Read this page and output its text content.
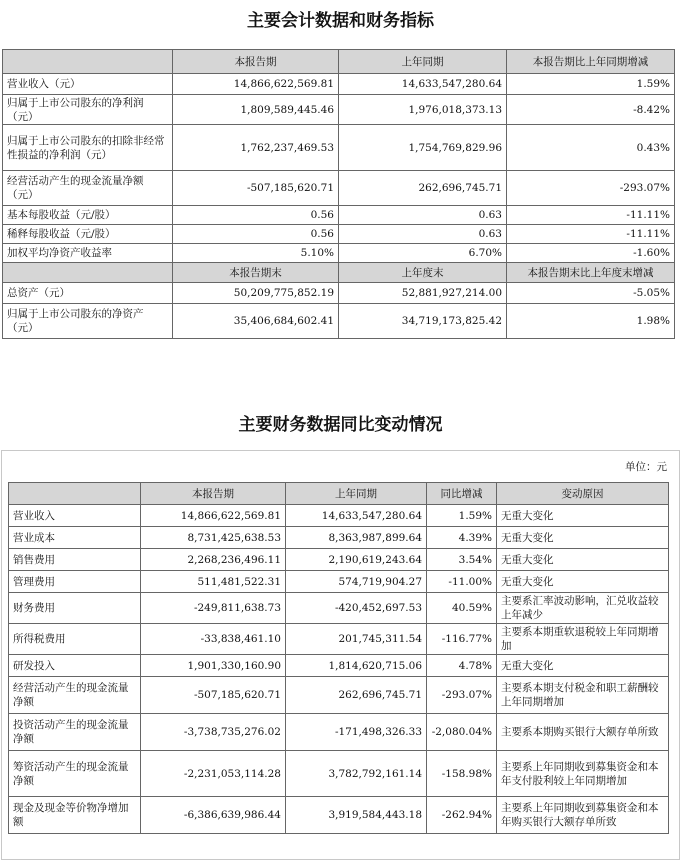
主要会计数据和财务指标
	本报告期	上年同期	本报告期比上年同期增减
营业收入（元）	14,866,622,569.81	14,633,547,280.64	1.59%
归属于上市公司股东的净利润（元）	1,809,589,445.46	1,976,018,373.13	-8.42%
归属于上市公司股东的扣除非经常性损益的净利润（元）	1,762,237,469.53	1,754,769,829.96	0.43%
经营活动产生的现金流量净额（元）	-507,185,620.71	262,696,745.71	-293.07%
基本每股收益（元/股）	0.56	0.63	-11.11%
稀释每股收益（元/股）	0.56	0.63	-11.11%
加权平均净资产收益率	5.10%	6.70%	-1.60%
	本报告期末	上年度末	本报告期末比上年度末增减
总资产（元）	50,209,775,852.19	52,881,927,214.00	-5.05%
归属于上市公司股东的净资产（元）	35,406,684,602.41	34,719,173,825.42	1.98%
主要财务数据同比变动情况
单位：元
	本报告期	上年同期	同比增减	变动原因
营业收入	14,866,622,569.81	14,633,547,280.64	1.59%	无重大变化
营业成本	8,731,425,638.53	8,363,987,899.64	4.39%	无重大变化
销售费用	2,268,236,496.11	2,190,619,243.64	3.54%	无重大变化
管理费用	511,481,522.31	574,719,904.27	-11.00%	无重大变化
财务费用	-249,811,638.73	-420,452,697.53	40.59%	主要系汇率波动影响，汇兑收益较上年减少
所得税费用	-33,838,461.10	201,745,311.54	-116.77%	主要系本期重软退税较上年同期增加
研发投入	1,901,330,160.90	1,814,620,715.06	4.78%	无重大变化
经营活动产生的现金流量净额	-507,185,620.71	262,696,745.71	-293.07%	主要系本期支付税金和职工薪酬较上年同期增加
投资活动产生的现金流量净额	-3,738,735,276.02	-171,498,326.33	-2,080.04%	主要系本期购买银行大额存单所致
筹资活动产生的现金流量净额	-2,231,053,114.28	3,782,792,161.14	-158.98%	主要系上年同期收到募集资金和本年支付股利较上年同期增加
现金及现金等价物净增加额	-6,386,639,986.44	3,919,584,443.18	-262.94%	主要系上年同期收到募集资金和本年购买银行大额存单所致
